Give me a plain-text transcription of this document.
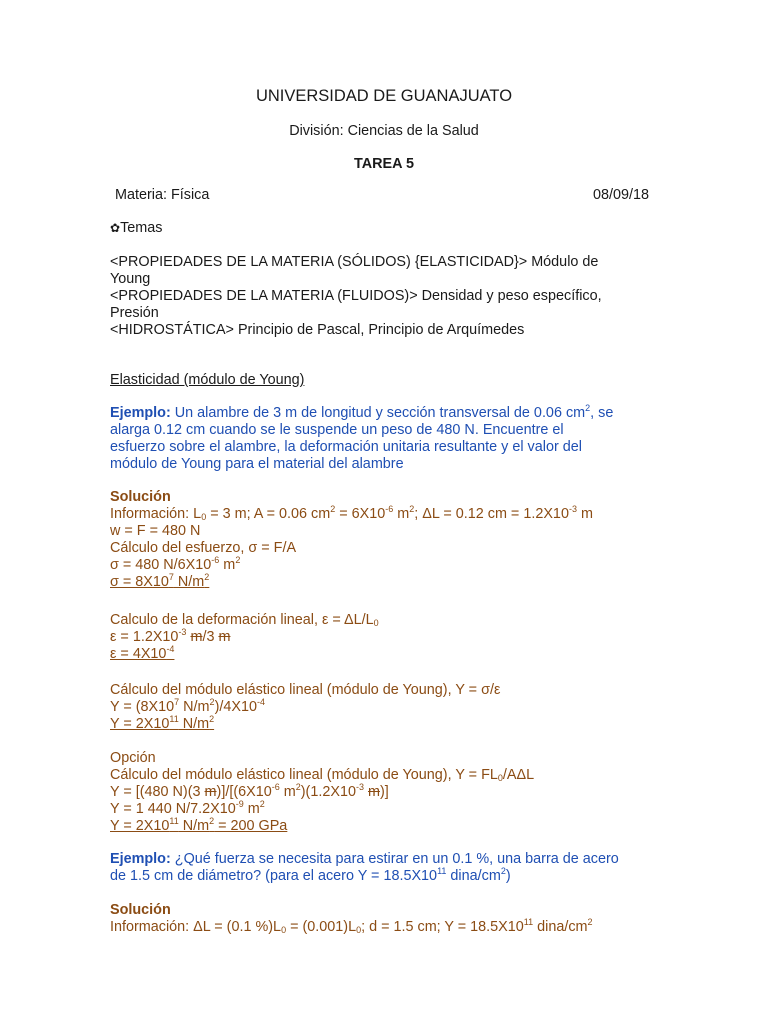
UNIVERSIDAD DE GUANAJUATO
División: Ciencias de la Salud
TAREA 5
Materia: Física	08/09/18
✿Temas
<PROPIEDADES DE LA MATERIA (SÓLIDOS) {ELASTICIDAD}> Módulo de
Young
<PROPIEDADES DE LA MATERIA (FLUIDOS)> Densidad y peso específico,
Presión
<HIDROSTÁTICA> Principio de Pascal, Principio de Arquímedes
Elasticidad (módulo de Young)
Ejemplo: Un alambre de 3 m de longitud y sección transversal de 0.06 $cm^2$, se
alarga 0.12 cm cuando se le suspende un peso de 480 N. Encuentre el
esfuerzo sobre el alambre, la deformación unitaria resultante y el valor del
módulo de Young para el material del alambre
Solución
Información: $L_0 = 3$ m; A = 0.06 $cm^2 = 6X10^{-6}$ $m^2$; ΔL = 0.12 cm = $1.2X10^{-3}$ m
w = F = 480 N
Cálculo del esfuerzo, σ = F/A
σ = 480 $N/6X10^{-6}$ $m^2$
$\sigma = 8X10^7$ $N/m^2$
Calculo de la deformación lineal, $\varepsilon = \Delta L/L_0$
$\varepsilon = 1.2X10^{-3}$ m/3 m
$\varepsilon = 4X10^{-4}$
Cálculo del módulo elástico lineal (módulo de Young), Y = σ/ε
$Y = (8X10^7$ $N/m^2)/4X10^{-4}$
$Y = 2X10^{11}$ $N/m^2$
Opción
Cálculo del módulo elástico lineal (módulo de Young), $Y = FL_0$/AΔL
Y = [(480 N)(3 $m)]/[(6X10^{-6}$ $m^2)(1.2X10^{-3}$ m)]
Y = 1 440 $N/7.2X10^{-9}$ $m^2$
$Y = 2X10^{11}$ $N/m^2 = 200$ GPa
Ejemplo: ¿Qué fuerza se necesita para estirar en un 0.1 %, una barra de acero
de 1.5 cm de diámetro? (para el acero $Y = 18.5X10^{11}$ dina/$cm^2$)
Solución
Información: ΔL = (0.1 $\%)L_0 = (0.001)L_0$; d = 1.5 cm; $Y = 18.5X10^{11}$ dina/$cm^2$
